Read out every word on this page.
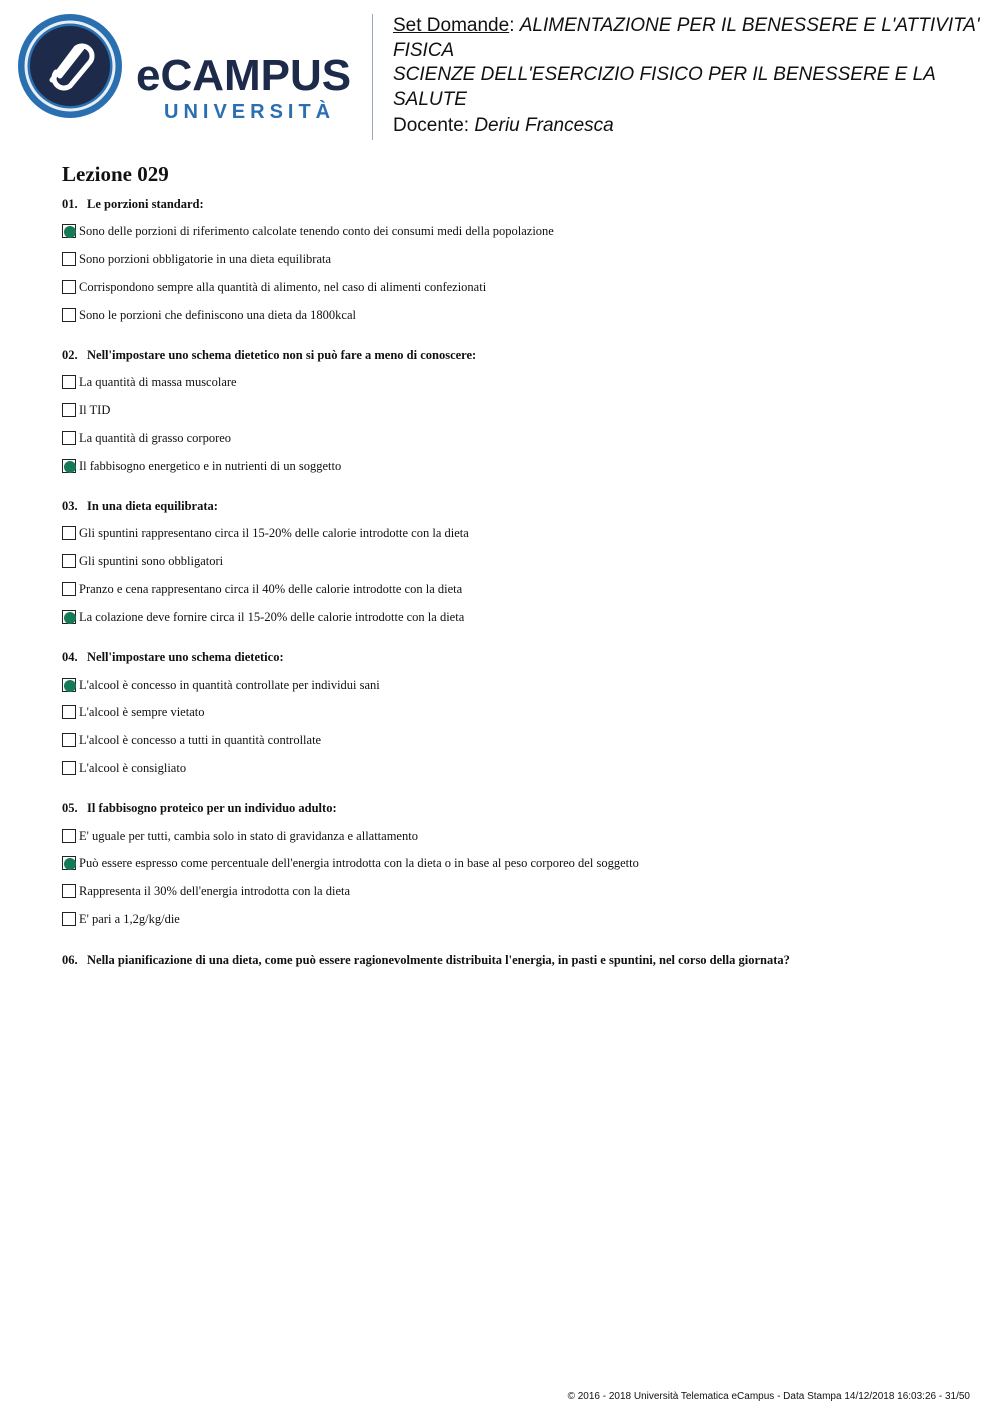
eCAMPUS
UNIVERSITÀ
Set Domande: ALIMENTAZIONE PER IL BENESSERE E L'ATTIVITA'
FISICA
SCIENZE DELL'ESERCIZIO FISICO PER IL BENESSERE E LA
SALUTE
Docente: Deriu Francesca
Lezione 029
01. Le porzioni standard:
Sono delle porzioni di riferimento calcolate tenendo conto dei consumi medi della popolazione
Sono porzioni obbligatorie in una dieta equilibrata
Corrispondono sempre alla quantità di alimento, nel caso di alimenti confezionati
Sono le porzioni che definiscono una dieta da 1800kcal
02. Nell'impostare uno schema dietetico non si può fare a meno di conoscere:
La quantità di massa muscolare
Il TID
La quantità di grasso corporeo
Il fabbisogno energetico e in nutrienti di un soggetto
03. In una dieta equilibrata:
Gli spuntini rappresentano circa il 15-20% delle calorie introdotte con la dieta
Gli spuntini sono obbligatori
Pranzo e cena rappresentano circa il 40% delle calorie introdotte con la dieta
La colazione deve fornire circa il 15-20% delle calorie introdotte con la dieta
04. Nell'impostare uno schema dietetico:
L'alcool è concesso in quantità controllate per individui sani
L'alcool è sempre vietato
L'alcool è concesso a tutti in quantità controllate
L'alcool è consigliato
05. Il fabbisogno proteico per un individuo adulto:
E' uguale per tutti, cambia solo in stato di gravidanza e allattamento
Può essere espresso come percentuale dell'energia introdotta con la dieta o in base al peso corporeo del soggetto
Rappresenta il 30% dell'energia introdotta con la dieta
E' pari a 1,2g/kg/die
06. Nella pianificazione di una dieta, come può essere ragionevolmente distribuita l'energia, in pasti e spuntini, nel corso della giornata?
© 2016 - 2018 Università Telematica eCampus - Data Stampa 14/12/2018 16:03:26 - 31/50
